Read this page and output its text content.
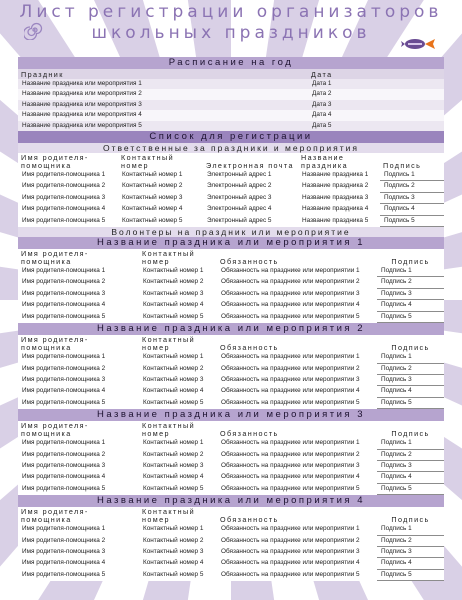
Лист регистрации организаторов
школьных праздников
Расписание на год
Праздник	Дата
Название праздника или мероприятия 1	Дата 1
Название праздника или мероприятия 2	Дата 2
Название праздника или мероприятия 3	Дата 3
Название праздника или мероприятия 4	Дата 4
Название праздника или мероприятия 5	Дата 5
Список для регистрации
Ответственные за праздники и мероприятия
Имя родителя-помощника	Контактный номер	Электронная почта	Название праздника	Подпись
Имя родителя-помощника 1	Контактный номер 1	Электронный адрес 1	Название праздника 1	Подпись 1
Имя родителя-помощника 2	Контактный номер 2	Электронный адрес 2	Название праздника 2	Подпись 2
Имя родителя-помощника 3	Контактный номер 3	Электронный адрес 3	Название праздника 3	Подпись 3
Имя родителя-помощника 4	Контактный номер 4	Электронный адрес 4	Название праздника 4	Подпись 4
Имя родителя-помощника 5	Контактный номер 5	Электронный адрес 5	Название праздника 5	Подпись 5
Волонтеры на праздник или мероприятие
Название праздника или мероприятия 1
Имя родителя-помощника	Контактный номер	Обязанность	Подпись
Имя родителя-помощника 1	Контактный номер 1	Обязанность на празднике или мероприятии 1	Подпись 1
Имя родителя-помощника 2	Контактный номер 2	Обязанность на празднике или мероприятии 2	Подпись 2
Имя родителя-помощника 3	Контактный номер 3	Обязанность на празднике или мероприятии 3	Подпись 3
Имя родителя-помощника 4	Контактный номер 4	Обязанность на празднике или мероприятии 4	Подпись 4
Имя родителя-помощника 5	Контактный номер 5	Обязанность на празднике или мероприятии 5	Подпись 5
Название праздника или мероприятия 2
Имя родителя-помощника	Контактный номер	Обязанность	Подпись
Имя родителя-помощника 1	Контактный номер 1	Обязанность на празднике или мероприятии 1	Подпись 1
Имя родителя-помощника 2	Контактный номер 2	Обязанность на празднике или мероприятии 2	Подпись 2
Имя родителя-помощника 3	Контактный номер 3	Обязанность на празднике или мероприятии 3	Подпись 3
Имя родителя-помощника 4	Контактный номер 4	Обязанность на празднике или мероприятии 4	Подпись 4
Имя родителя-помощника 5	Контактный номер 5	Обязанность на празднике или мероприятии 5	Подпись 5
Название праздника или мероприятия 3
Имя родителя-помощника	Контактный номер	Обязанность	Подпись
Имя родителя-помощника 1	Контактный номер 1	Обязанность на празднике или мероприятии 1	Подпись 1
Имя родителя-помощника 2	Контактный номер 2	Обязанность на празднике или мероприятии 2	Подпись 2
Имя родителя-помощника 3	Контактный номер 3	Обязанность на празднике или мероприятии 3	Подпись 3
Имя родителя-помощника 4	Контактный номер 4	Обязанность на празднике или мероприятии 4	Подпись 4
Имя родителя-помощника 5	Контактный номер 5	Обязанность на празднике или мероприятии 5	Подпись 5
Название праздника или мероприятия 4
Имя родителя-помощника	Контактный номер	Обязанность	Подпись
Имя родителя-помощника 1	Контактный номер 1	Обязанность на празднике или мероприятии 1	Подпись 1
Имя родителя-помощника 2	Контактный номер 2	Обязанность на празднике или мероприятии 2	Подпись 2
Имя родителя-помощника 3	Контактный номер 3	Обязанность на празднике или мероприятии 3	Подпись 3
Имя родителя-помощника 4	Контактный номер 4	Обязанность на празднике или мероприятии 4	Подпись 4
Имя родителя-помощника 5	Контактный номер 5	Обязанность на празднике или мероприятии 5	Подпись 5
